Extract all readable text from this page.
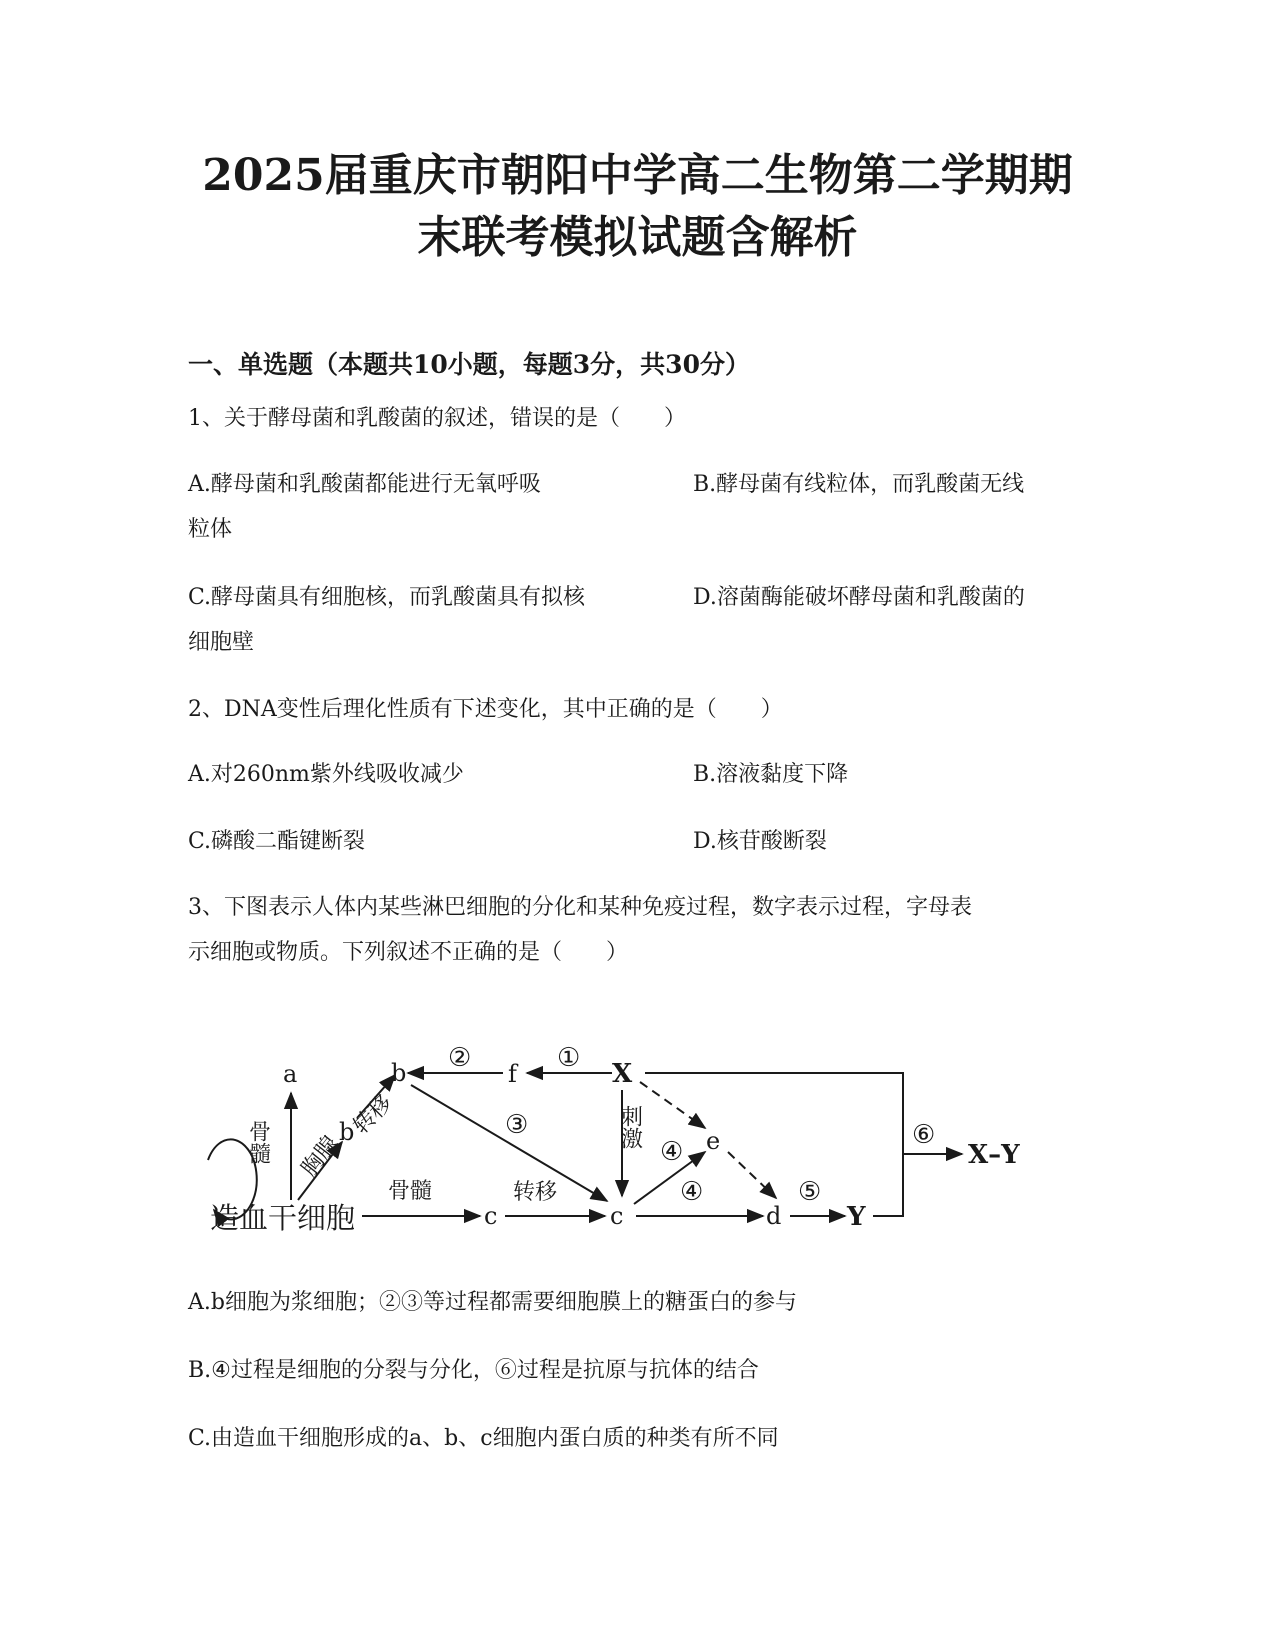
2025届重庆市朝阳中学高二生物第二学期期
末联考模拟试题含解析
一、单选题（本题共10小题，每题3分，共30分）
1、关于酵母菌和乳酸菌的叙述，错误的是（　　）
A.酵母菌和乳酸菌都能进行无氧呼吸	B.酵母菌有线粒体，而乳酸菌无线
粒体
C.酵母菌具有细胞核，而乳酸菌具有拟核	D.溶菌酶能破坏酵母菌和乳酸菌的
细胞壁
2、DNA变性后理化性质有下述变化，其中正确的是（　　）
A.对260nm紫外线吸收减少	B.溶液黏度下降
C.磷酸二酯键断裂	D.核苷酸断裂
3、下图表示人体内某些淋巴细胞的分化和某种免疫过程，数字表示过程，字母表
示细胞或物质。下列叙述不正确的是（　　）
a	b
b
f	X
e
c	c	d	Y
X–Y
造血干细胞
骨髓
骨髓
胸腺
转移
转移
刺激
②	①
③
④
④	⑤
⑥
A.b细胞为浆细胞；②③等过程都需要细胞膜上的糖蛋白的参与
B.④过程是细胞的分裂与分化，⑥过程是抗原与抗体的结合
C.由造血干细胞形成的a、b、c细胞内蛋白质的种类有所不同
